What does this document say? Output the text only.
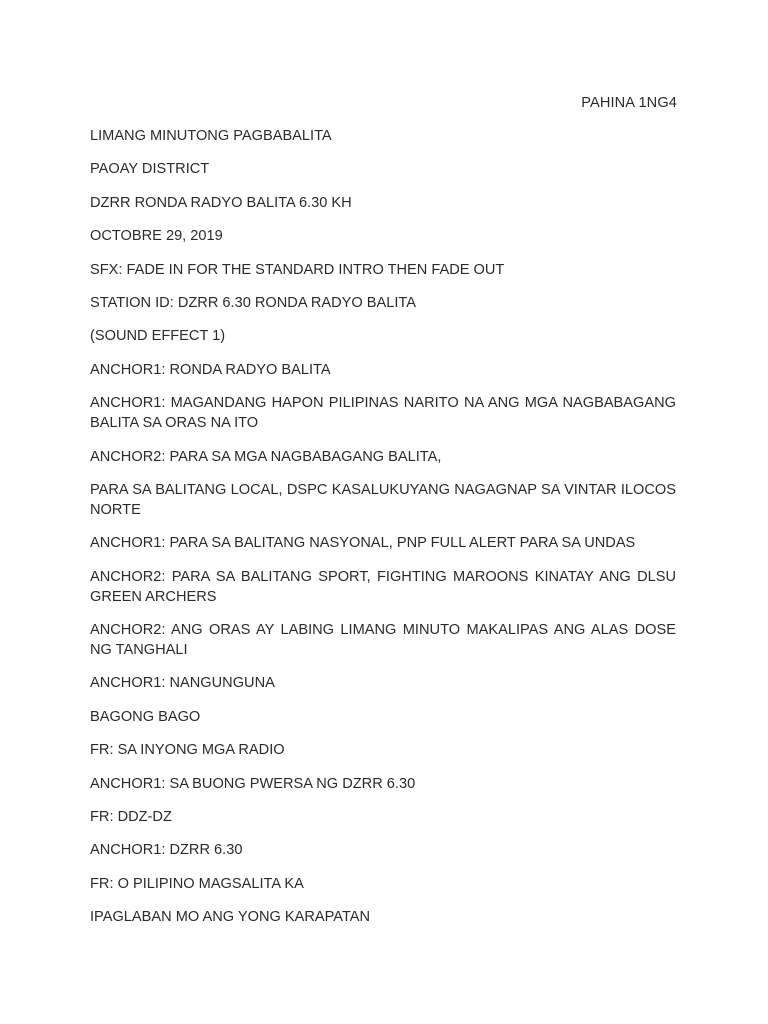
PAHINA 1NG4

LIMANG MINUTONG PAGBABALITA

PAOAY DISTRICT

DZRR RONDA RADYO BALITA 6.30 KH

OCTOBRE 29, 2019

SFX: FADE IN FOR THE STANDARD INTRO THEN FADE OUT

STATION ID: DZRR 6.30 RONDA RADYO BALITA

(SOUND EFFECT 1)

ANCHOR1: RONDA RADYO BALITA

ANCHOR1: MAGANDANG HAPON PILIPINAS NARITO NA ANG MGA NAGBABAGANG BALITA SA ORAS NA ITO

ANCHOR2: PARA SA MGA NAGBABAGANG BALITA,

PARA SA BALITANG LOCAL, DSPC KASALUKUYANG NAGAGNAP SA VINTAR ILOCOS NORTE

ANCHOR1: PARA SA BALITANG NASYONAL, PNP FULL ALERT PARA SA UNDAS

ANCHOR2: PARA SA BALITANG SPORT, FIGHTING MAROONS KINATAY ANG DLSU GREEN ARCHERS

ANCHOR2: ANG ORAS AY LABING LIMANG MINUTO MAKALIPAS ANG ALAS DOSE NG TANGHALI

ANCHOR1: NANGUNGUNA

BAGONG BAGO

FR: SA INYONG MGA RADIO

ANCHOR1: SA BUONG PWERSA NG DZRR 6.30

FR: DDZ-DZ

ANCHOR1: DZRR 6.30

FR: O PILIPINO MAGSALITA KA

IPAGLABAN MO ANG YONG KARAPATAN
